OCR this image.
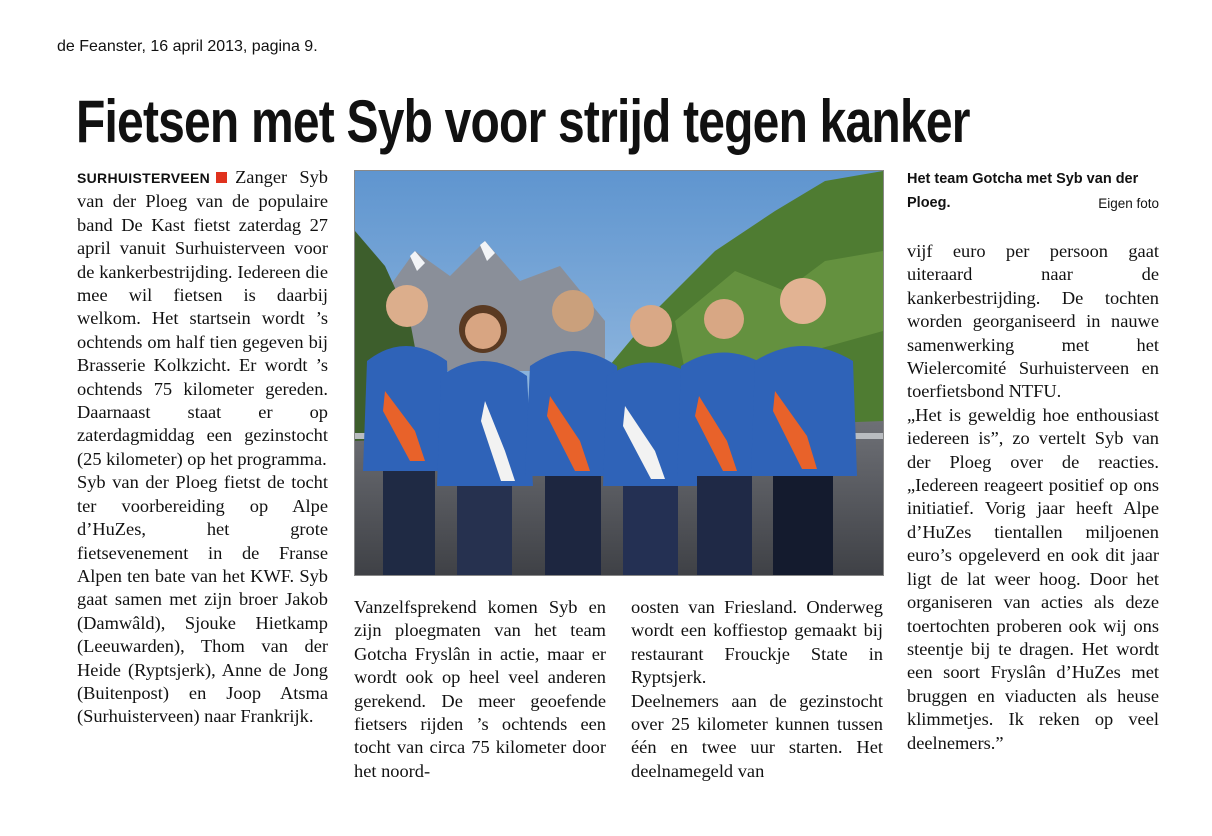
de Feanster, 16 april 2013, pagina 9.
Fietsen met Syb voor strijd tegen kanker

SURHUISTERVEEN Zanger Syb van der Ploeg van de populaire band De Kast fietst zaterdag 27 april vanuit Surhuisterveen voor de kankerbestrijding. Iedereen die mee wil fietsen is daarbij welkom. Het startsein wordt ’s ochtends om half tien gegeven bij Brasserie Kolkzicht. Er wordt ’s ochtends 75 kilometer gereden. Daarnaast staat er op zaterdagmiddag een gezinstocht (25 kilometer) op het programma.

Syb van der Ploeg fietst de tocht ter voorbereiding op Alpe d’HuZes, het grote fietsevenement in de Franse Alpen ten bate van het KWF. Syb gaat samen met zijn broer Jakob (Damwâld), Sjouke Hietkamp (Leeuwarden), Thom van der Heide (Ryptsjerk), Anne de Jong (Buitenpost) en Joop Atsma (Surhuisterveen) naar Frankrijk.

Het team Gotcha met Syb van der Ploeg.	Eigen foto

Vanzelfsprekend komen Syb en zijn ploegmaten van het team Gotcha Fryslân in actie, maar er wordt ook op heel veel anderen gerekend. De meer geoefende fietsers rijden ’s ochtends een tocht van circa 75 kilometer door het noord-

oosten van Friesland. Onderweg wordt een koffiestop gemaakt bij restaurant Frouckje State in Ryptsjerk.

Deelnemers aan de gezinstocht over 25 kilometer kunnen tussen één en twee uur starten. Het deelnamegeld van

vijf euro per persoon gaat uiteraard naar de kankerbestrijding. De tochten worden georganiseerd in nauwe samenwerking met het Wielercomité Surhuisterveen en toerfietsbond NTFU.

„Het is geweldig hoe enthousiast iedereen is”, zo vertelt Syb van der Ploeg over de reacties. „Iedereen reageert positief op ons initiatief. Vorig jaar heeft Alpe d’HuZes tientallen miljoenen euro’s opgeleverd en ook dit jaar ligt de lat weer hoog. Door het organiseren van acties als deze toertochten proberen ook wij ons steentje bij te dragen. Het wordt een soort Fryslân d’HuZes met bruggen en viaducten als heuse klimmetjes. Ik reken op veel deelnemers.”
